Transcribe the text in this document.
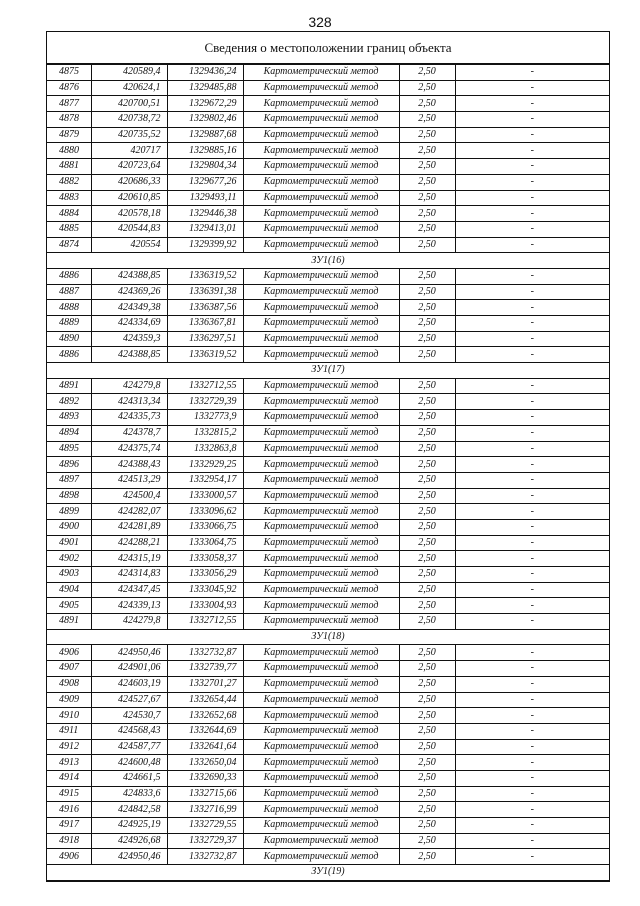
328
Сведения о местоположении границ объекта
4875	420589,4	1329436,24	Картометрический метод	2,50	-
4876	420624,1	1329485,88	Картометрический метод	2,50	-
4877	420700,51	1329672,29	Картометрический метод	2,50	-
4878	420738,72	1329802,46	Картометрический метод	2,50	-
4879	420735,52	1329887,68	Картометрический метод	2,50	-
4880	420717	1329885,16	Картометрический метод	2,50	-
4881	420723,64	1329804,34	Картометрический метод	2,50	-
4882	420686,33	1329677,26	Картометрический метод	2,50	-
4883	420610,85	1329493,11	Картометрический метод	2,50	-
4884	420578,18	1329446,38	Картометрический метод	2,50	-
4885	420544,83	1329413,01	Картометрический метод	2,50	-
4874	420554	1329399,92	Картометрический метод	2,50	-
ЗУ1(16)					
4886	424388,85	1336319,52	Картометрический метод	2,50	-
4887	424369,26	1336391,38	Картометрический метод	2,50	-
4888	424349,38	1336387,56	Картометрический метод	2,50	-
4889	424334,69	1336367,81	Картометрический метод	2,50	-
4890	424359,3	1336297,51	Картометрический метод	2,50	-
4886	424388,85	1336319,52	Картометрический метод	2,50	-
ЗУ1(17)					
4891	424279,8	1332712,55	Картометрический метод	2,50	-
4892	424313,34	1332729,39	Картометрический метод	2,50	-
4893	424335,73	1332773,9	Картометрический метод	2,50	-
4894	424378,7	1332815,2	Картометрический метод	2,50	-
4895	424375,74	1332863,8	Картометрический метод	2,50	-
4896	424388,43	1332929,25	Картометрический метод	2,50	-
4897	424513,29	1332954,17	Картометрический метод	2,50	-
4898	424500,4	1333000,57	Картометрический метод	2,50	-
4899	424282,07	1333096,62	Картометрический метод	2,50	-
4900	424281,89	1333066,75	Картометрический метод	2,50	-
4901	424288,21	1333064,75	Картометрический метод	2,50	-
4902	424315,19	1333058,37	Картометрический метод	2,50	-
4903	424314,83	1333056,29	Картометрический метод	2,50	-
4904	424347,45	1333045,92	Картометрический метод	2,50	-
4905	424339,13	1333004,93	Картометрический метод	2,50	-
4891	424279,8	1332712,55	Картометрический метод	2,50	-
ЗУ1(18)					
4906	424950,46	1332732,87	Картометрический метод	2,50	-
4907	424901,06	1332739,77	Картометрический метод	2,50	-
4908	424603,19	1332701,27	Картометрический метод	2,50	-
4909	424527,67	1332654,44	Картометрический метод	2,50	-
4910	424530,7	1332652,68	Картометрический метод	2,50	-
4911	424568,43	1332644,69	Картометрический метод	2,50	-
4912	424587,77	1332641,64	Картометрический метод	2,50	-
4913	424600,48	1332650,04	Картометрический метод	2,50	-
4914	424661,5	1332690,33	Картометрический метод	2,50	-
4915	424833,6	1332715,66	Картометрический метод	2,50	-
4916	424842,58	1332716,99	Картометрический метод	2,50	-
4917	424925,19	1332729,55	Картометрический метод	2,50	-
4918	424926,68	1332729,37	Картометрический метод	2,50	-
4906	424950,46	1332732,87	Картометрический метод	2,50	-
ЗУ1(19)					
